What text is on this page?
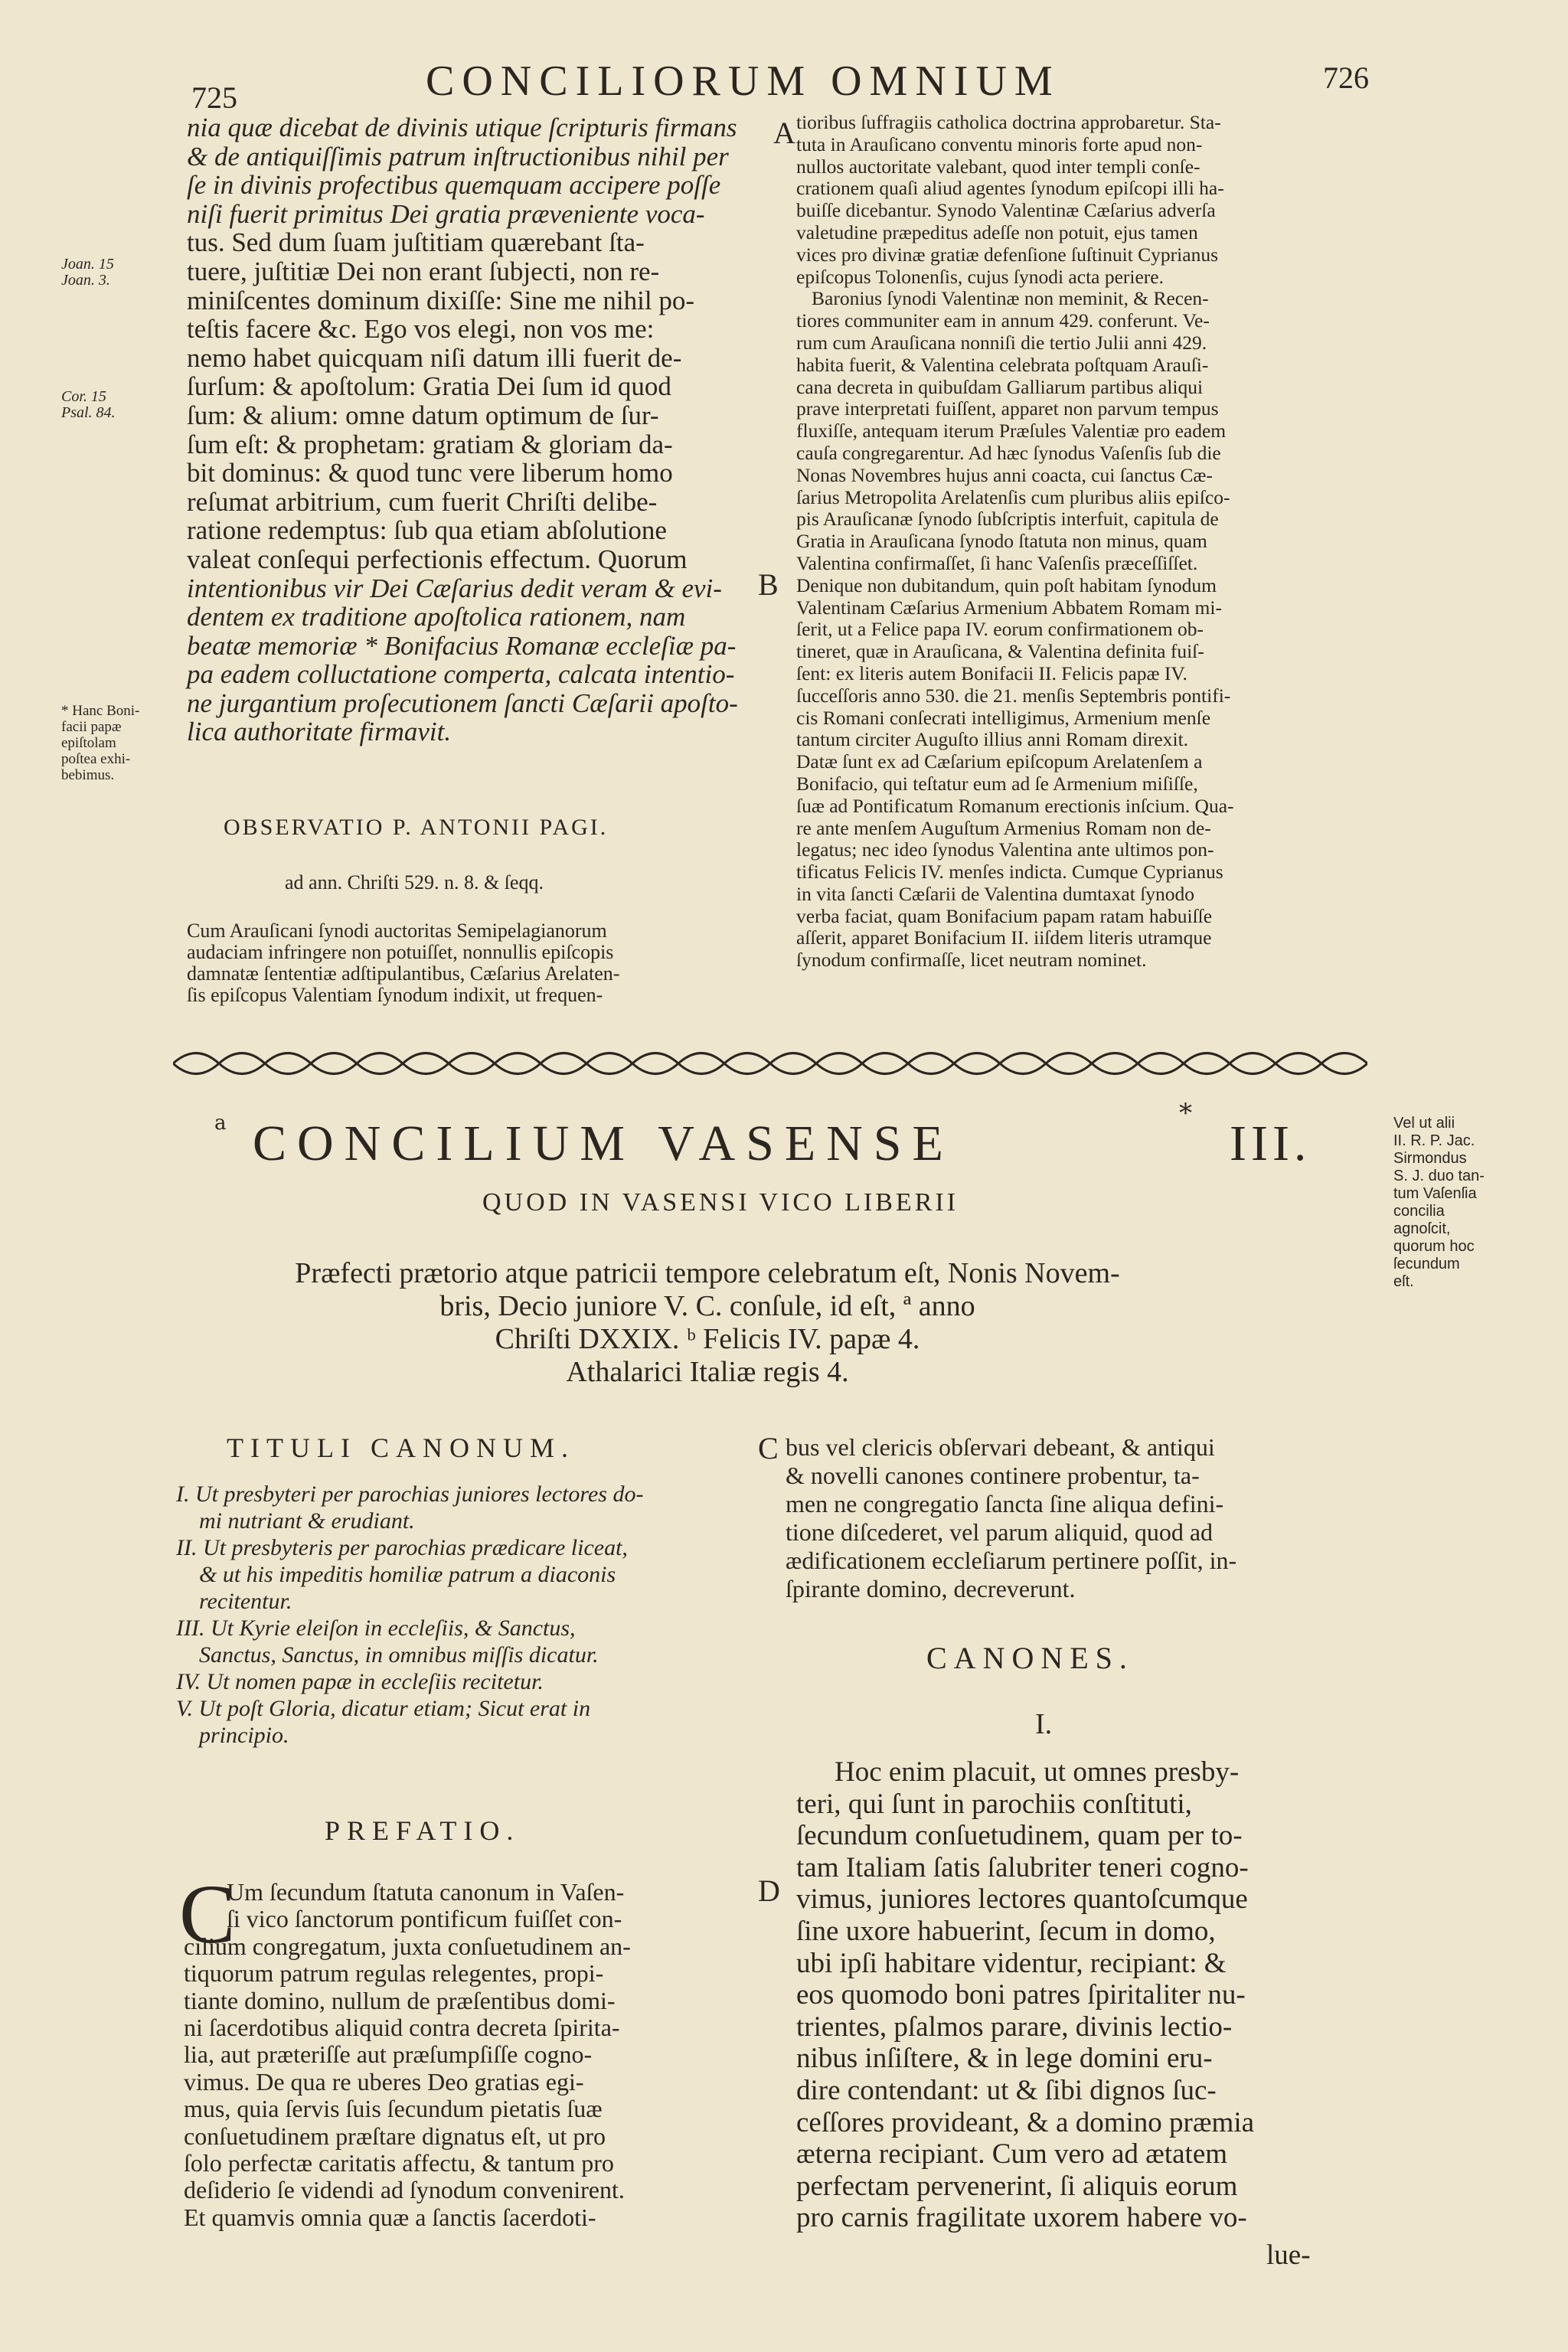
725	CONCILIORUM OMNIUM	726
Joan. 15
Joan. 3.
Cor. 15
Psal. 84.
* Hanc Boni-
facii papæ
epiſtolam
poſtea exhi-
bebimus.
A
B
C
D
nia quæ dicebat de divinis utique ſcripturis firmans
& de antiquiſſimis patrum inſtructionibus nihil per
ſe in divinis profectibus quemquam accipere poſſe
niſi fuerit primitus Dei gratia præveniente voca-
tus. Sed dum ſuam juſtitiam quærebant ſta-
tuere, juſtitiæ Dei non erant ſubjecti, non re-
miniſcentes dominum dixiſſe: Sine me nihil po-
teſtis facere &c. Ego vos elegi, non vos me:
nemo habet quicquam niſi datum illi fuerit de-
ſurſum: & apoſtolum: Gratia Dei ſum id quod
ſum: & alium: omne datum optimum de ſur-
ſum eſt: & prophetam: gratiam & gloriam da-
bit dominus: & quod tunc vere liberum homo
reſumat arbitrium, cum fuerit Chriſti delibe-
ratione redemptus: ſub qua etiam abſolutione
valeat conſequi perfectionis effectum. Quorum
intentionibus vir Dei Cæſarius dedit veram & evi-
dentem ex traditione apoſtolica rationem, nam
beatæ memoriæ * Bonifacius Romanæ eccleſiæ pa-
pa eadem colluctatione comperta, calcata intentio-
ne jurgantium proſecutionem ſancti Cæſarii apoſto-
lica authoritate firmavit.
OBSERVATIO P. ANTONII PAGI.
ad ann. Chriſti 529. n. 8. & ſeqq.
Cum Arauſicani ſynodi auctoritas Semipelagianorum
audaciam infringere non potuiſſet, nonnullis epiſcopis
damnatæ ſententiæ adſtipulantibus, Cæſarius Arelaten-
ſis epiſcopus Valentiam ſynodum indixit, ut frequen-
tioribus ſuffragiis catholica doctrina approbaretur. Sta-
tuta in Arauſicano conventu minoris forte apud non-
nullos auctoritate valebant, quod inter templi conſe-
crationem quaſi aliud agentes ſynodum epiſcopi illi ha-
buiſſe dicebantur. Synodo Valentinæ Cæſarius adverſa
valetudine præpeditus adeſſe non potuit, ejus tamen
vices pro divinæ gratiæ defenſione ſuſtinuit Cyprianus
epiſcopus Tolonenſis, cujus ſynodi acta periere.
Baronius ſynodi Valentinæ non meminit, & Recen-
tiores communiter eam in annum 429. conferunt. Ve-
rum cum Arauſicana nonniſi die tertio Julii anni 429.
habita fuerit, & Valentina celebrata poſtquam Arauſi-
cana decreta in quibuſdam Galliarum partibus aliqui
prave interpretati fuiſſent, apparet non parvum tempus
fluxiſſe, antequam iterum Præſules Valentiæ pro eadem
cauſa congregarentur. Ad hæc ſynodus Vaſenſis ſub die
Nonas Novembres hujus anni coacta, cui ſanctus Cæ-
ſarius Metropolita Arelatenſis cum pluribus aliis epiſco-
pis Arauſicanæ ſynodo ſubſcriptis interfuit, capitula de
Gratia in Arauſicana ſynodo ſtatuta non minus, quam
Valentina confirmaſſet, ſi hanc Vaſenſis præceſſiſſet.
Denique non dubitandum, quin poſt habitam ſynodum
Valentinam Cæſarius Armenium Abbatem Romam mi-
ſerit, ut a Felice papa IV. eorum confirmationem ob-
tineret, quæ in Arauſicana, & Valentina definita fuiſ-
ſent: ex literis autem Bonifacii II. Felicis papæ IV.
ſucceſſoris anno 530. die 21. menſis Septembris pontifi-
cis Romani conſecrati intelligimus, Armenium menſe
tantum circiter Auguſto illius anni Romam direxit.
Datæ ſunt ex ad Cæſarium epiſcopum Arelatenſem a
Bonifacio, qui teſtatur eum ad ſe Armenium miſiſſe,
ſuæ ad Pontificatum Romanum erectionis inſcium. Qua-
re ante menſem Auguſtum Armenius Romam non de-
legatus; nec ideo ſynodus Valentina ante ultimos pon-
tificatus Felicis IV. menſes indicta. Cumque Cyprianus
in vita ſancti Cæſarii de Valentina dumtaxat ſynodo
verba faciat, quam Bonifacium papam ratam habuiſſe
aſſerit, apparet Bonifacium II. iiſdem literis utramque
ſynodum confirmaſſe, licet neutram nominet.
a CONCILIUM VASENSE
*
III.
QUOD IN VASENSI VICO LIBERII
Præfecti prætorio atque patricii tempore celebratum eſt, Nonis Novem-
bris, Decio juniore V. C. conſule, id eſt, ª anno
Chriſti DXXIX. ᵇ Felicis IV. papæ 4.
Athalarici Italiæ regis 4.
Vel ut alii
II. R. P. Jac.
Sirmondus
S. J. duo tan-
tum Vaſenſia
concilia
agnoſcit,
quorum hoc
ſecundum
eſt.
TITULI CANONUM.
I. Ut presbyteri per parochias juniores lectores do-
mi nutriant & erudiant.
II. Ut presbyteris per parochias prædicare liceat,
& ut his impeditis homiliæ patrum a diaconis
recitentur.
III. Ut Kyrie eleiſon in eccleſiis, & Sanctus,
Sanctus, Sanctus, in omnibus miſſis dicatur.
IV. Ut nomen papæ in eccleſiis recitetur.
V. Ut poſt Gloria, dicatur etiam; Sicut erat in
principio.
PREFATIO.
C
Um ſecundum ſtatuta canonum in Vaſen-
ſi vico ſanctorum pontificum fuiſſet con-
cilium congregatum, juxta conſuetudinem an-
tiquorum patrum regulas relegentes, propi-
tiante domino, nullum de præſentibus domi-
ni ſacerdotibus aliquid contra decreta ſpirita-
lia, aut præteriſſe aut præſumpſiſſe cogno-
vimus. De qua re uberes Deo gratias egi-
mus, quia ſervis ſuis ſecundum pietatis ſuæ
conſuetudinem præſtare dignatus eſt, ut pro
ſolo perfectæ caritatis affectu, & tantum pro
deſiderio ſe videndi ad ſynodum convenirent.
Et quamvis omnia quæ a ſanctis ſacerdoti-
bus vel clericis obſervari debeant, & antiqui
& novelli canones continere probentur, ta-
men ne congregatio ſancta ſine aliqua defini-
tione diſcederet, vel parum aliquid, quod ad
ædificationem eccleſiarum pertinere poſſit, in-
ſpirante domino, decreverunt.
CANONES.
I.
Hoc enim placuit, ut omnes presby-
teri, qui ſunt in parochiis conſtituti,
ſecundum conſuetudinem, quam per to-
tam Italiam ſatis ſalubriter teneri cogno-
vimus, juniores lectores quantoſcumque
ſine uxore habuerint, ſecum in domo,
ubi ipſi habitare videntur, recipiant: &
eos quomodo boni patres ſpiritaliter nu-
trientes, pſalmos parare, divinis lectio-
nibus inſiſtere, & in lege domini eru-
dire contendant: ut & ſibi dignos ſuc-
ceſſores provideant, & a domino præmia
æterna recipiant. Cum vero ad ætatem
perfectam pervenerint, ſi aliquis eorum
pro carnis fragilitate uxorem habere vo-
lue-
